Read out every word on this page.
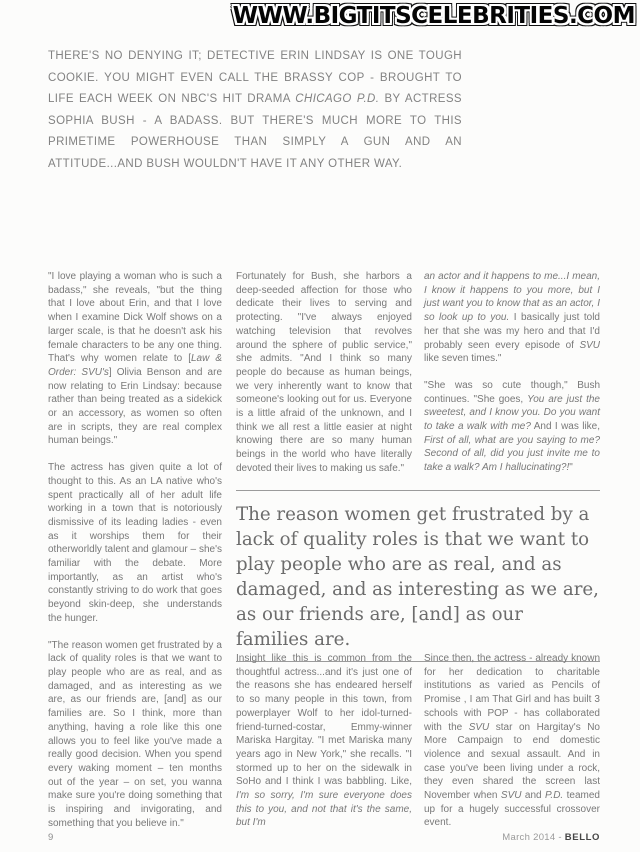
WWW.BIGTITSCELEBRITIES.COM
THERE'S NO DENYING IT; DETECTIVE ERIN LINDSAY IS ONE TOUGH COOKIE. YOU MIGHT EVEN CALL THE BRASSY COP - BROUGHT TO LIFE EACH WEEK ON NBC'S HIT DRAMA CHICAGO P.D. BY ACTRESS SOPHIA BUSH - A BADASS. BUT THERE'S MUCH MORE TO THIS PRIMETIME POWERHOUSE THAN SIMPLY A GUN AND AN ATTITUDE...AND BUSH WOULDN'T HAVE IT ANY OTHER WAY.

"I love playing a woman who is such a badass," she reveals, "but the thing that I love about Erin, and that I love when I examine Dick Wolf shows on a larger scale, is that he doesn't ask his female characters to be any one thing. That's why women relate to [Law & Order: SVU's] Olivia Benson and are now relating to Erin Lindsay: because rather than being treated as a sidekick or an accessory, as women so often are in scripts, they are real complex human beings."

The actress has given quite a lot of thought to this. As an LA native who's spent practically all of her adult life working in a town that is notoriously dismissive of its leading ladies - even as it worships them for their otherworldly talent and glamour – she's familiar with the debate. More importantly, as an artist who's constantly striving to do work that goes beyond skin-deep, she understands the hunger.

"The reason women get frustrated by a lack of quality roles is that we want to play people who are as real, and as damaged, and as interesting as we are, as our friends are, [and] as our families are. So I think, more than anything, having a role like this one allows you to feel like you've made a really good decision. When you spend every waking moment – ten months out of the year – on set, you wanna make sure you're doing something that is inspiring and invigorating, and something that you believe in."

Fortunately for Bush, she harbors a deep-seeded affection for those who dedicate their lives to serving and protecting. "I've always enjoyed watching television that revolves around the sphere of public service," she admits. "And I think so many people do because as human beings, we very inherently want to know that someone's looking out for us. Everyone is a little afraid of the unknown, and I think we all rest a little easier at night knowing there are so many human beings in the world who have literally devoted their lives to making us safe."

an actor and it happens to me...I mean, I know it happens to you more, but I just want you to know that as an actor, I so look up to you. I basically just told her that she was my hero and that I'd probably seen every episode of SVU like seven times."

"She was so cute though," Bush continues. "She goes, You are just the sweetest, and I know you. Do you want to take a walk with me? And I was like, First of all, what are you saying to me? Second of all, did you just invite me to take a walk? Am I hallucinating?!"

The reason women get frustrated by a lack of quality roles is that we want to play people who are as real, and as damaged, and as interesting as we are, as our friends are, [and] as our families are.

Insight like this is common from the thoughtful actress...and it's just one of the reasons she has endeared herself to so many people in this town, from powerplayer Wolf to her idol-turned-friend-turned-costar, Emmy-winner Mariska Hargitay. "I met Mariska many years ago in New York," she recalls. "I stormed up to her on the sidewalk in SoHo and I think I was babbling. Like, I'm so sorry, I'm sure everyone does this to you, and not that it's the same, but I'm

Since then, the actress - already known for her dedication to charitable institutions as varied as Pencils of Promise , I am That Girl and has built 3 schools with POP - has collaborated with the SVU star on Hargitay's No More Campaign to end domestic violence and sexual assault. And in case you've been living under a rock, they even shared the screen last November when SVU and P.D. teamed up for a hugely successful crossover event.

9	March 2014 - BELLO
